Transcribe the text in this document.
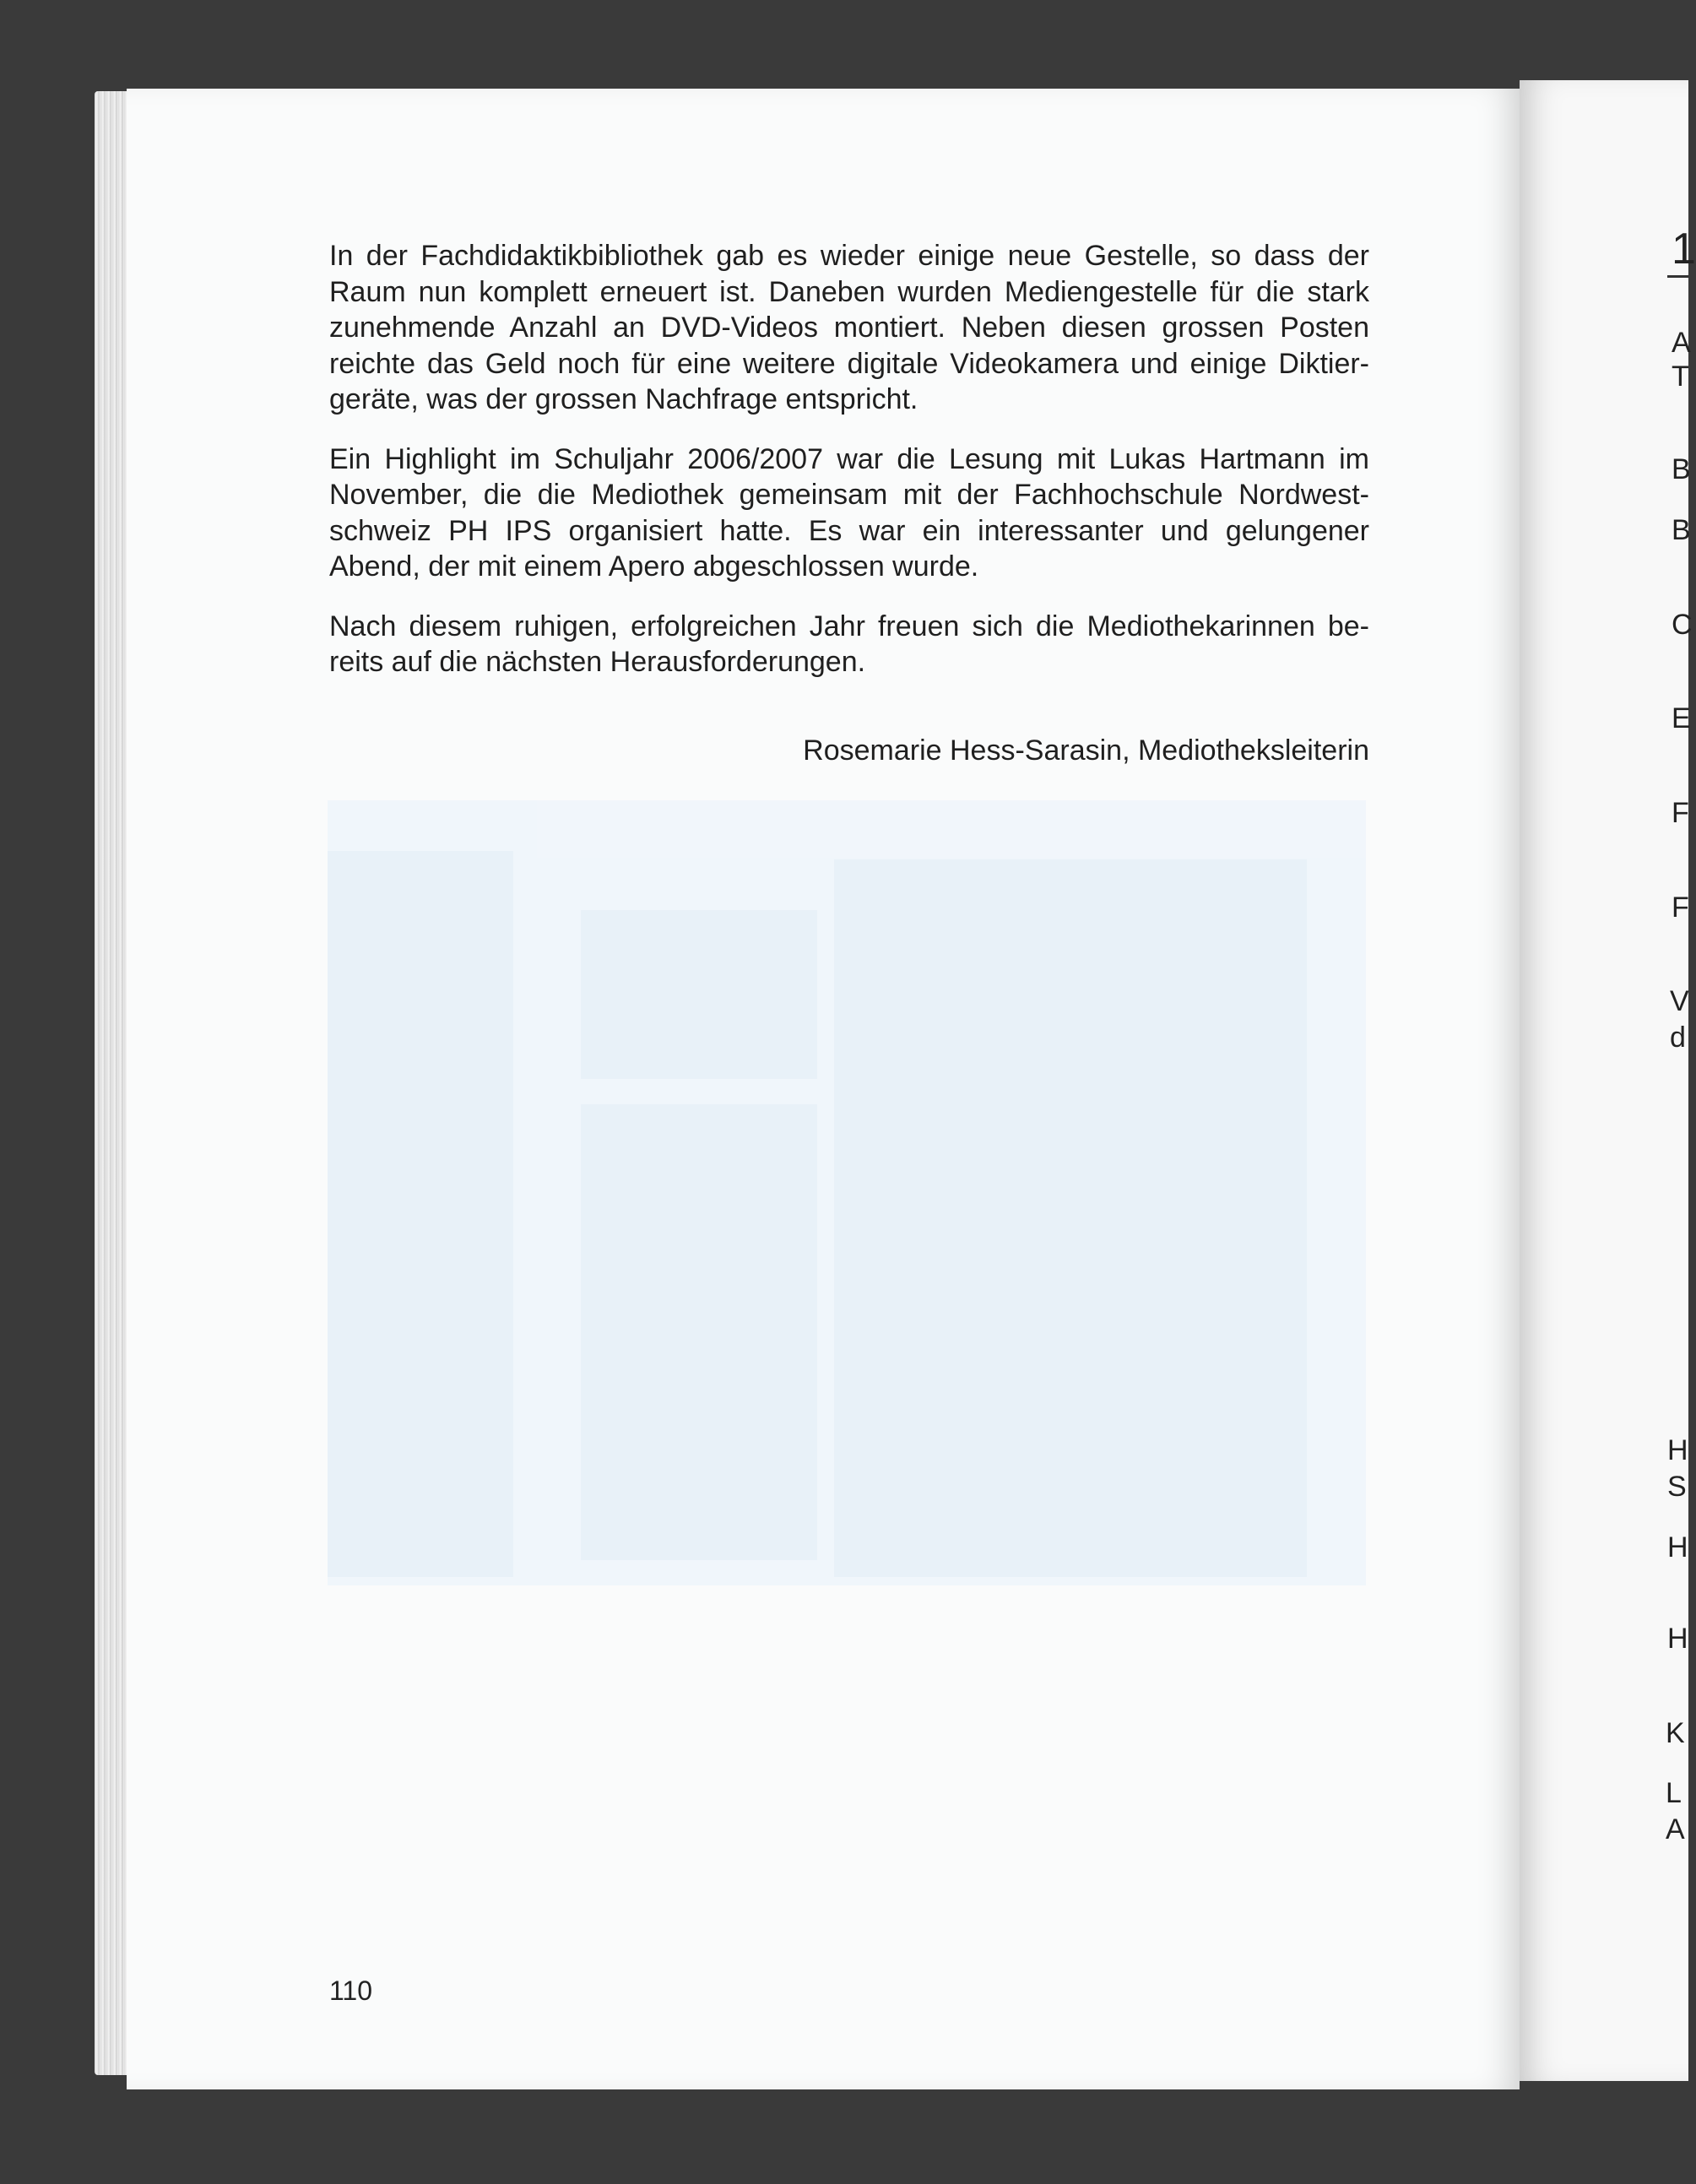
In der Fachdidaktikbibliothek gab es wieder einige neue Gestelle, so dass der Raum nun komplett erneuert ist. Daneben wurden Mediengestelle für die stark zunehmende Anzahl an DVD-Videos montiert. Neben diesen grossen Posten reichte das Geld noch für eine weitere digitale Videokamera und einige Diktier-geräte, was der grossen Nachfrage entspricht.

Ein Highlight im Schuljahr 2006/2007 war die Lesung mit Lukas Hartmann im November, die die Mediothek gemeinsam mit der Fachhochschule Nordwest-schweiz PH IPS organisiert hatte. Es war ein interessanter und gelungener Abend, der mit einem Apero abgeschlossen wurde.

Nach diesem ruhigen, erfolgreichen Jahr freuen sich die Mediothekarinnen be-reits auf die nächsten Herausforderungen.

Rosemarie Hess-Sarasin, Mediotheksleiterin
110
1
A
T
B
B
C
E
F
F
V
d
H
S
H
H
K
L
A
